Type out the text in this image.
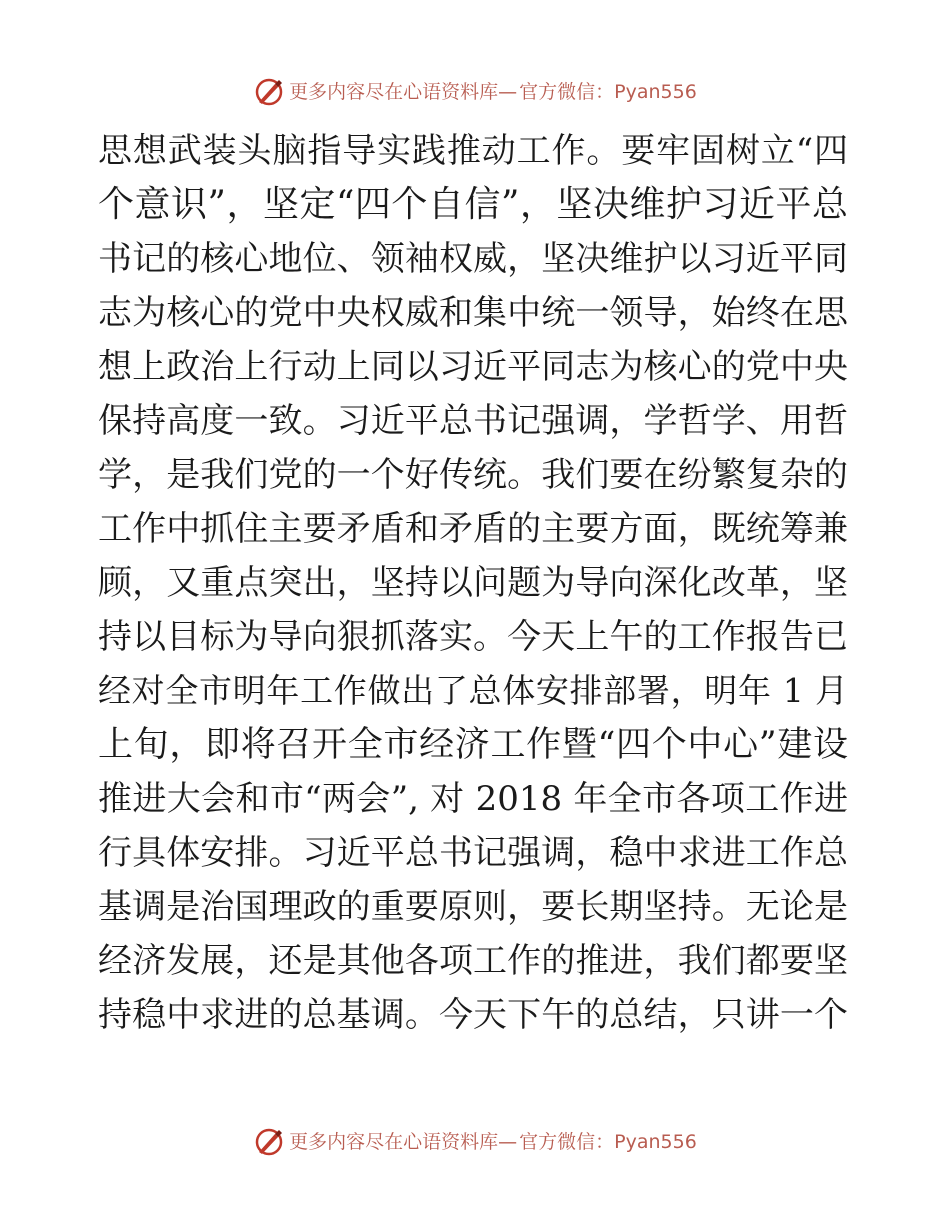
更多内容尽在心语资料库 — 官方微信：Pyan556
思想武装头脑指导实践推动工作。要牢固树立“四
个意识”，坚定“四个自信”，坚决维护习近平总
书记的核心地位、领袖权威，坚决维护以习近平同
志为核心的党中央权威和集中统一领导，始终在思
想上政治上行动上同以习近平同志为核心的党中央
保持高度一致。习近平总书记强调，学哲学、用哲
学，是我们党的一个好传统。我们要在纷繁复杂的
工作中抓住主要矛盾和矛盾的主要方面，既统筹兼
顾，又重点突出，坚持以问题为导向深化改革，坚
持以目标为导向狠抓落实。今天上午的工作报告已
经对全市明年工作做出了总体安排部署，明年 1 月
上旬，即将召开全市经济工作暨“四个中心”建设
推进大会和市“两会”, 对 2018 年全市各项工作进
行具体安排。习近平总书记强调，稳中求进工作总
基调是治国理政的重要原则，要长期坚持。无论是
经济发展，还是其他各项工作的推进，我们都要坚
持稳中求进的总基调。今天下午的总结，只讲一个
更多内容尽在心语资料库 — 官方微信：Pyan556
